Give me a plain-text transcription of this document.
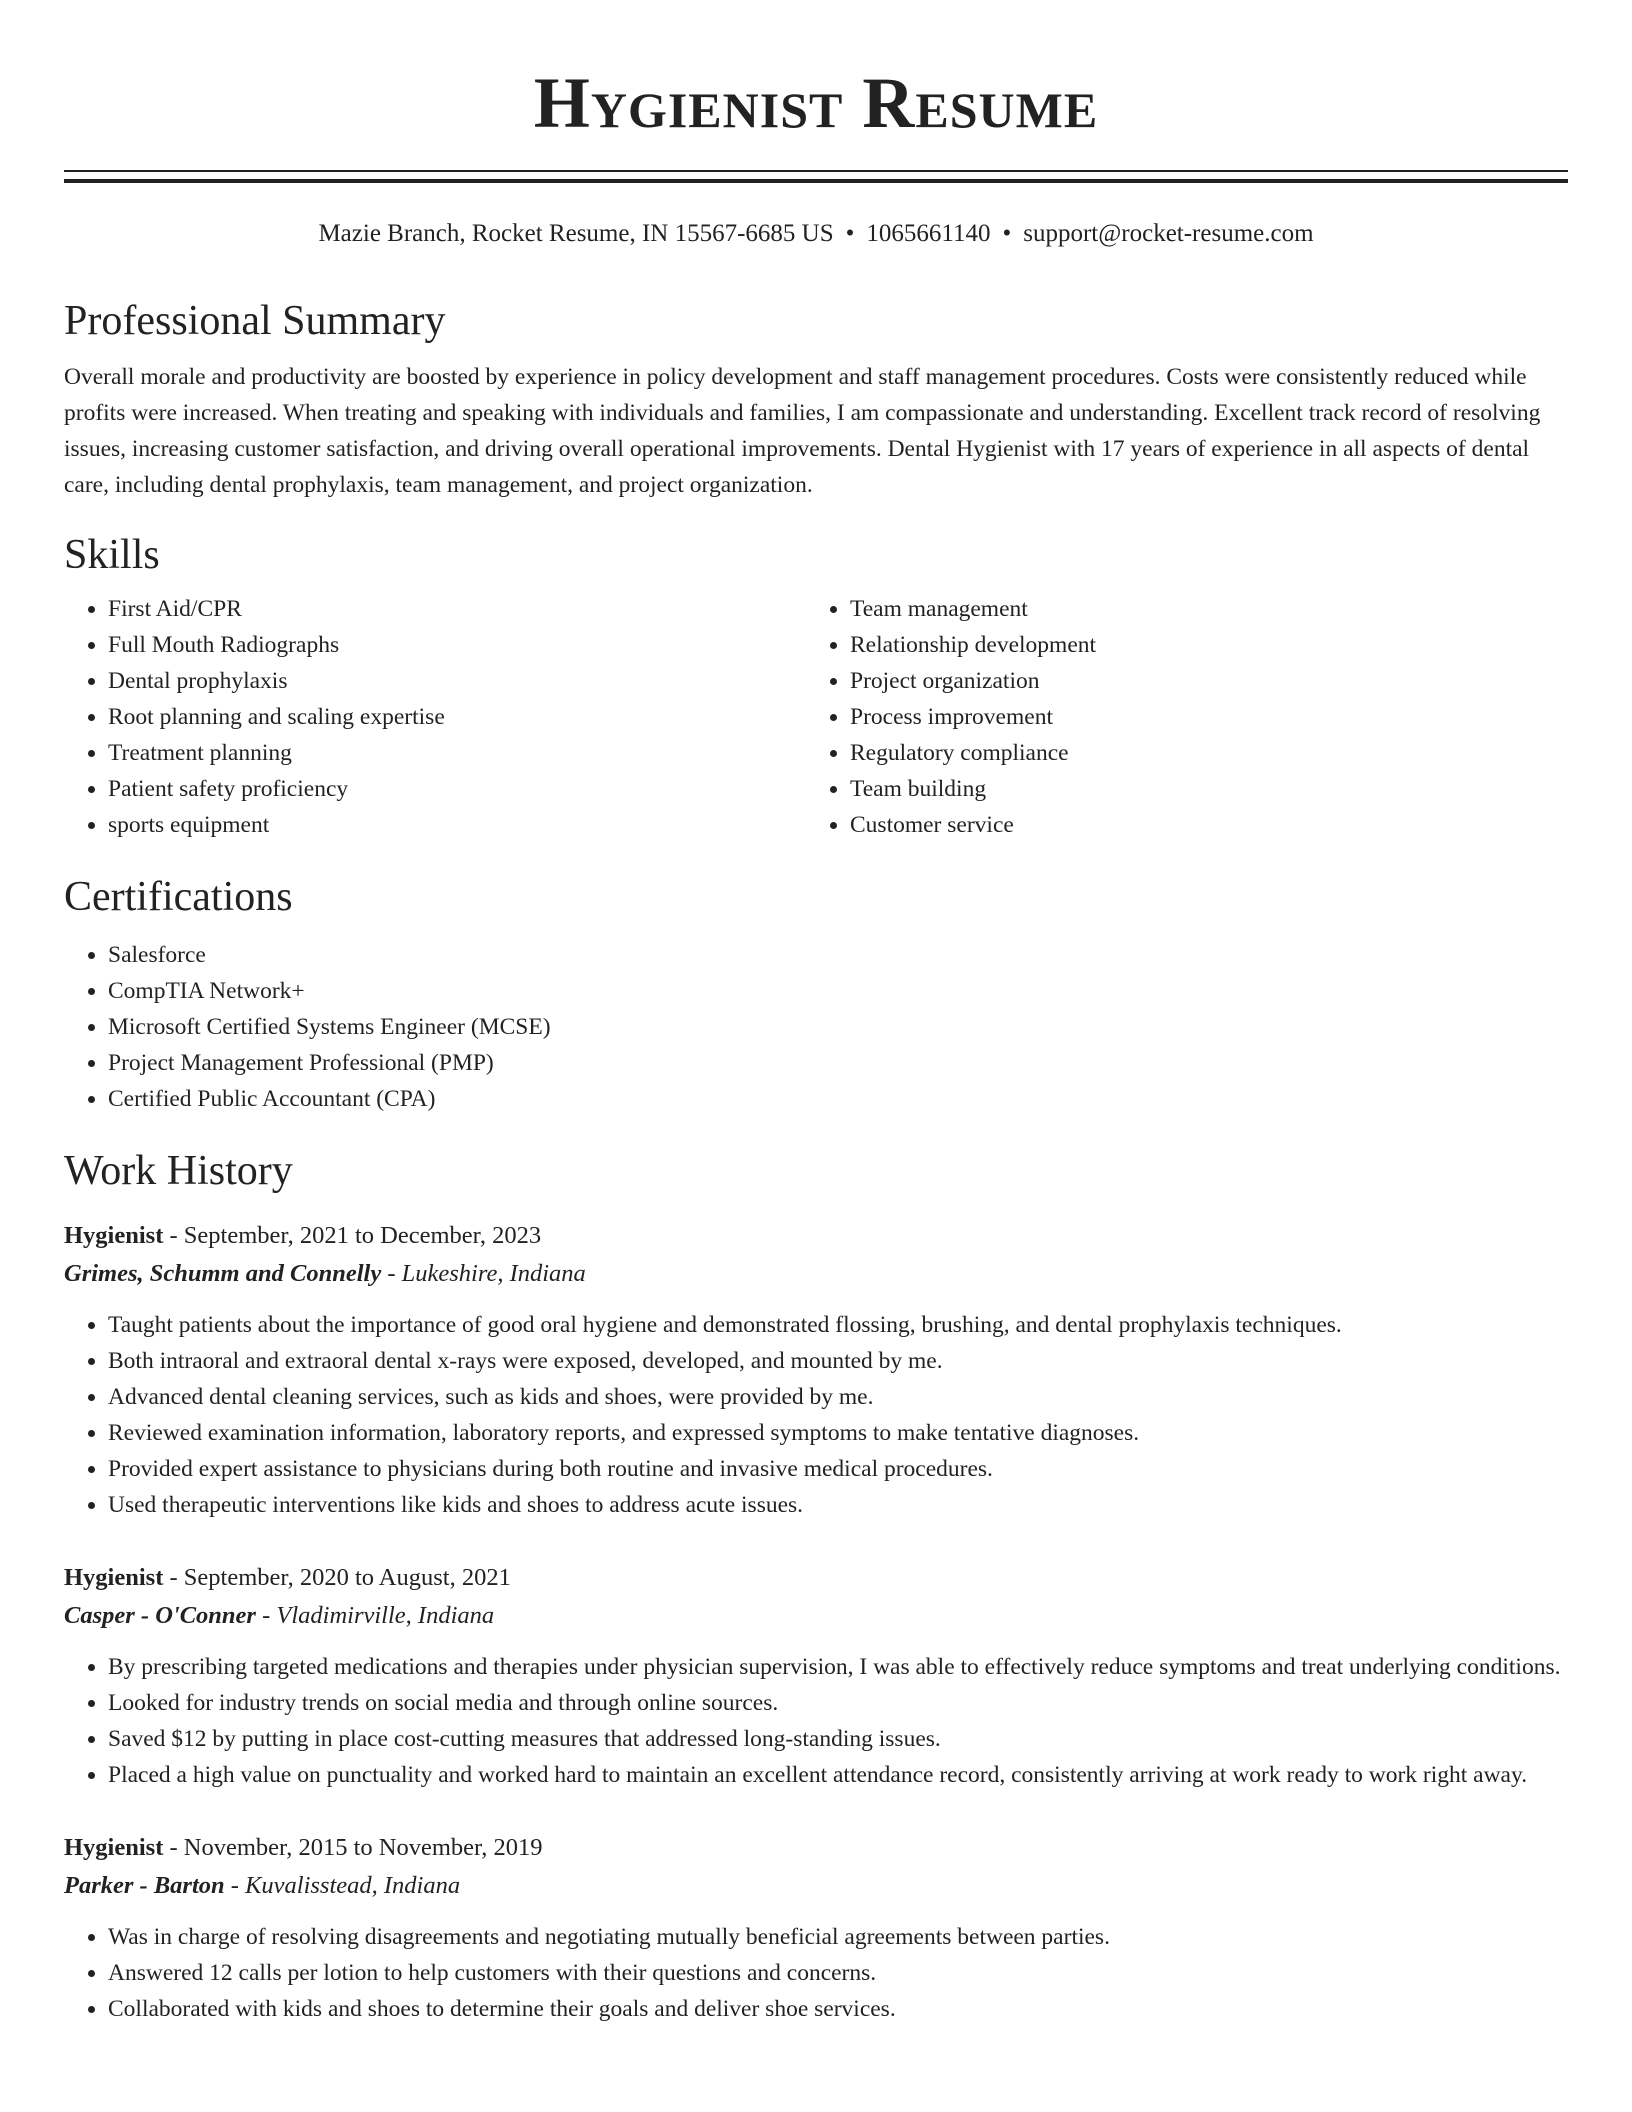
Hygienist Resume
Mazie Branch, Rocket Resume, IN 15567-6685 US • 1065661140 • support@rocket-resume.com
Professional Summary
Overall morale and productivity are boosted by experience in policy development and staff management procedures. Costs were consistently reduced while profits were increased. When treating and speaking with individuals and families, I am compassionate and understanding. Excellent track record of resolving issues, increasing customer satisfaction, and driving overall operational improvements. Dental Hygienist with 17 years of experience in all aspects of dental care, including dental prophylaxis, team management, and project organization.
Skills
• First Aid/CPR
• Full Mouth Radiographs
• Dental prophylaxis
• Root planning and scaling expertise
• Treatment planning
• Patient safety proficiency
• sports equipment
• Team management
• Relationship development
• Project organization
• Process improvement
• Regulatory compliance
• Team building
• Customer service
Certifications
• Salesforce
• CompTIA Network+
• Microsoft Certified Systems Engineer (MCSE)
• Project Management Professional (PMP)
• Certified Public Accountant (CPA)
Work History
Hygienist - September, 2021 to December, 2023
Grimes, Schumm and Connelly - Lukeshire, Indiana
• Taught patients about the importance of good oral hygiene and demonstrated flossing, brushing, and dental prophylaxis techniques.
• Both intraoral and extraoral dental x-rays were exposed, developed, and mounted by me.
• Advanced dental cleaning services, such as kids and shoes, were provided by me.
• Reviewed examination information, laboratory reports, and expressed symptoms to make tentative diagnoses.
• Provided expert assistance to physicians during both routine and invasive medical procedures.
• Used therapeutic interventions like kids and shoes to address acute issues.
Hygienist - September, 2020 to August, 2021
Casper - O'Conner - Vladimirville, Indiana
• By prescribing targeted medications and therapies under physician supervision, I was able to effectively reduce symptoms and treat underlying conditions.
• Looked for industry trends on social media and through online sources.
• Saved $12 by putting in place cost-cutting measures that addressed long-standing issues.
• Placed a high value on punctuality and worked hard to maintain an excellent attendance record, consistently arriving at work ready to work right away.
Hygienist - November, 2015 to November, 2019
Parker - Barton - Kuvalisstead, Indiana
• Was in charge of resolving disagreements and negotiating mutually beneficial agreements between parties.
• Answered 12 calls per lotion to help customers with their questions and concerns.
• Collaborated with kids and shoes to determine their goals and deliver shoe services.
